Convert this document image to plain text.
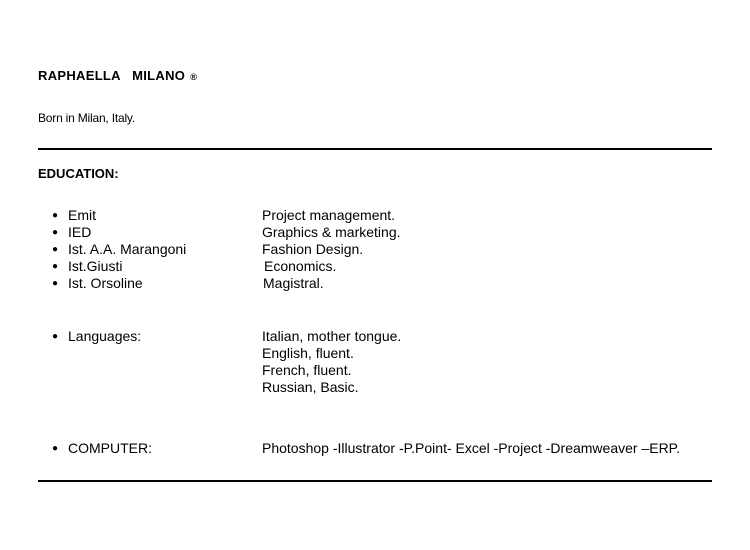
RAPHAELLA   MILANO ®
Born in Milan, Italy.
EDUCATION:
● Emit	Project management.
● IED	Graphics & marketing.
● Ist. A.A. Marangoni	Fashion Design.
● Ist.Giusti	Economics.
● Ist. Orsoline	Magistral.
● Languages:	Italian, mother tongue.
English, fluent.
French, fluent.
Russian, Basic.
● COMPUTER:	Photoshop -Illustrator -P.Point- Excel -Project -Dreamweaver –ERP.
